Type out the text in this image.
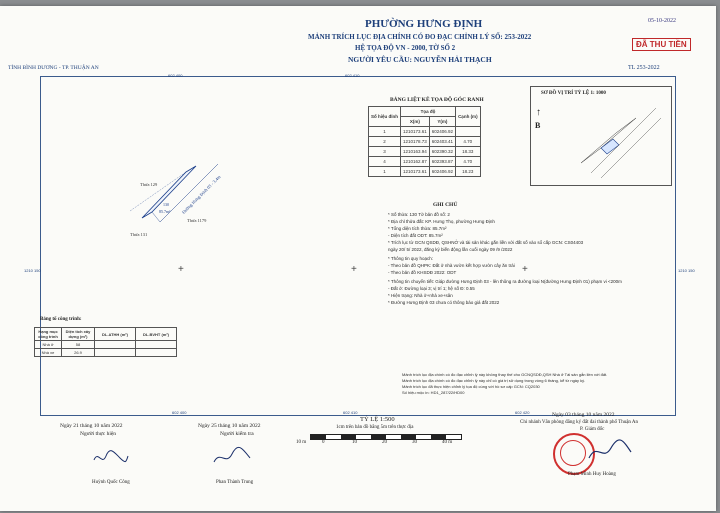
PHƯỜNG HƯNG ĐỊNH
MẢNH TRÍCH LỤC ĐỊA CHÍNH CÓ ĐO ĐẠC CHỈNH LÝ SỐ: 253-2022
HỆ TỌA ĐỘ VN - 2000, TỜ SỐ 2
NGƯỜI YÊU CẦU: NGUYỄN HẢI THẠCH
TỈNH BÌNH DƯƠNG - TP. THUẬN AN	TL 253-2022
ĐÃ THU TIỀN
05-10-2022
602 400	602 410
1210 150	1210 150
602 400	602 410	602 420
+	+	+
Đường Hưng Định 03 - 3.4m
Thửa 129
Thửa 1179
Thửa 131
130
85.7m²
BẢNG LIỆT KÊ TỌA ĐỘ GÓC RANH
Số hiệu đỉnh	Tọa độ		Cạnh (m)
	X(m)	Y(m)	
1	1210173.61	602406.92	
2	1210178.73	602403.41	4.70
3	1210163.94	602390.32	18.33
4	1210162.87	602393.87	4.70
1	1210173.61	602406.92	18.23
SƠ ĐỒ VỊ TRÍ TỶ LỆ 1: 1000
B
↑
GHI CHÚ
* Số thửa: 130 Tờ bản đồ số: 2
* Địa chỉ thửa đất: KP. Hưng Thọ, phường Hưng Định
* Tổng diện tích thửa: 85.7m²
- Diện tích đất ODT: 85.7m²
* Trích lục từ GCN QSDĐ, QSHNỞ và tài sản khác gắn liền với đất số vào sổ cấp GCN: CS04403
ngày 20/ 5/ 2022, đăng ký biến động lần cuối ngày 09 /9 /2022
* Thông tin quy hoạch:
- Theo bản đồ QHPK: Đất ở nhà vườn kết hợp vườn cây ăn trái
- Theo bản đồ KHSDĐ 2022: ODT
* Thông tin chuyển tiết: Giáp đường Hưng Định 03 - lên thông ra đường loại N(đường Hưng Định 01) phạm vi <200m
- Đất ở: Đường loại 3; vị trí 1; hệ số Đ: 0.55
* Hiện trạng: Nhà ở+nhà xe+sân
* Đường Hưng Định 03 chưa có thông báo giá đất 2022
Bảng tổ công trình:
Hạng mục công trình	Diện tích xây dựng (m²)	DL.ATHH (m²)	DL.BVHT (m²)
Nhà ở	58		
Nhà xe	26.9		
Mảnh trích lục địa chính có đo đạc chỉnh lý này không thay thế cho GCNQSDĐ,QSH Nhà ở Tài sản gắn liền với đất.
Mảnh trích lục địa chính có đo đạc chỉnh lý này chỉ có giá trị sử dụng trong vòng 6 tháng, kể từ ngày ký.
Mảnh trích lục đã thực hiện chỉnh lý tọa độ cùng với hồ sơ cấp GCN: CQ2030
Số hiệu mộc in: HD1_287/22/HD00
TỶ LỆ 1:500
1cm trên bản đồ bằng 5m trên thực địa
10 m	0	10	20	30	40 m
Ngày 21 tháng 10 năm 2022
Người thực hiện
Huỳnh Quốc Công
Ngày 25 tháng 10 năm 2022
Người kiểm tra
Phan Thành Trung
Ngày 03 tháng 10 năm 2022
Chi nhánh Văn phòng đăng ký đất đai thành phố Thuận An
P. Giám đốc
Phạm Minh Huy Hoàng
